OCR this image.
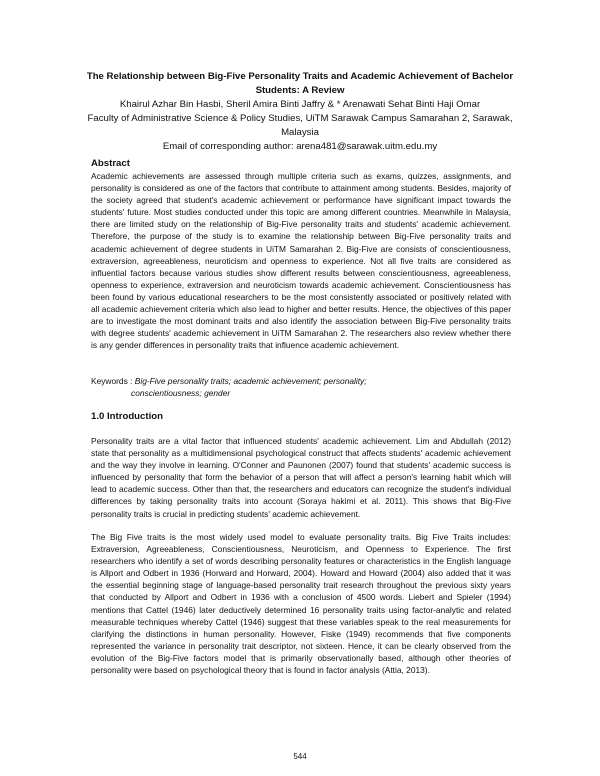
The Relationship between Big-Five Personality Traits and Academic Achievement of Bachelor
Students: A Review
Khairul Azhar Bin Hasbi, Sheril Amira Binti Jaffry & * Arenawati Sehat Binti Haji Omar
Faculty of Administrative Science & Policy Studies, UiTM Sarawak Campus Samarahan 2, Sarawak,
Malaysia
Email of corresponding author: arena481@sarawak.uitm.edu.my
Abstract

Academic achievements are assessed through multiple criteria such as exams, quizzes, assignments, and personality is considered as one of the factors that contribute to attainment among students. Besides, majority of the society agreed that student's academic achievement or performance have significant impact towards the students' future. Most studies conducted under this topic are among different countries. Meanwhile in Malaysia, there are limited study on the relationship of Big-Five personality traits and students' academic achievement. Therefore, the purpose of the study is to examine the relationship between Big-Five personality traits and academic achievement of degree students in UiTM Samarahan 2. Big-Five are consists of conscientiousness, extraversion, agreeableness, neuroticism and openness to experience. Not all five traits are considered as influential factors because various studies show different results between conscientiousness, agreeableness, openness to experience, extraversion and neuroticism towards academic achievement. Conscientiousness has been found by various educational researchers to be the most consistently associated or positively related with all academic achievement criteria which also lead to higher and better results. Hence, the objectives of this paper are to investigate the most dominant traits and also identify the association between Big-Five personality traits with degree students' academic achievement in UiTM Samarahan 2. The researchers also review whether there is any gender differences in personality traits that influence academic achievement.

Keywords : Big-Five personality traits; academic achievement; personality;
conscientiousness; gender
1.0 Introduction

Personality traits are a vital factor that influenced students' academic achievement. Lim and Abdullah (2012) state that personality as a multidimensional psychological construct that affects students' academic achievement and the way they involve in learning. O'Conner and Paunonen (2007) found that students' academic success is influenced by personality that form the behavior of a person that will affect a person's learning habit which will lead to academic success. Other than that, the researchers and educators can recognize the student's individual differences by taking personality traits into account (Soraya hakimi et al. 2011). This shows that Big-Five personality traits is crucial in predicting students' academic achievement.

The Big Five traits is the most widely used model to evaluate personality traits. Big Five Traits includes: Extraversion, Agreeableness, Conscientiousness, Neuroticism, and Openness to Experience. The first researchers who identify a set of words describing personality features or characteristics in the English language is Allport and Odbert in 1936 (Horward and Horward, 2004). Howard and Howard (2004) also added that it was the essential beginning stage of language-based personality trait research throughout the previous sixty years that conducted by Allport and Odbert in 1936 with a conclusion of 4500 words. Liebert and Spieler (1994) mentions that Cattel (1946) later deductively determined 16 personality traits using factor-analytic and related measurable techniques whereby Cattel (1946) suggest that these variables speak to the real measurements for clarifying the distinctions in human personality. However, Fiske (1949) recommends that five components represented the variance in personality trait descriptor, not sixteen. Hence, it can be clearly observed from the evolution of the Big-Five factors model that is primarily observationally based, although other theories of personality were based on psychological theory that is found in factor analysis (Attia, 2013).

544
